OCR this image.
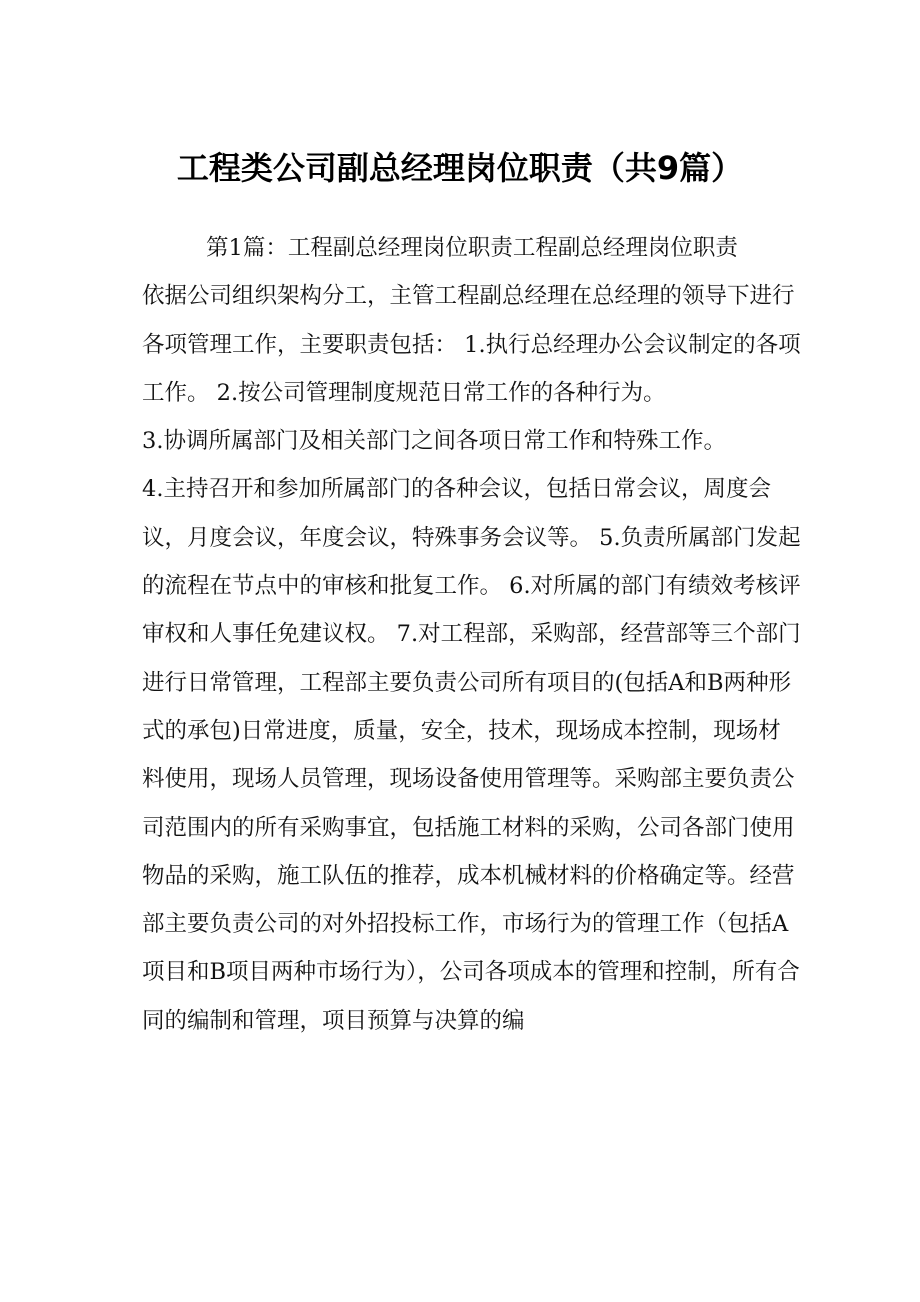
工程类公司副总经理岗位职责（共9篇）

第1篇：工程副总经理岗位职责工程副总经理岗位职责

依据公司组织架构分工，主管工程副总经理在总经理的领导下进行各项管理工作，主要职责包括： 1.执行总经理办公会议制定的各项工作。 2.按公司管理制度规范日常工作的各种行为。

3.协调所属部门及相关部门之间各项日常工作和特殊工作。

4.主持召开和参加所属部门的各种会议，包括日常会议，周度会议，月度会议，年度会议，特殊事务会议等。 5.负责所属部门发起的流程在节点中的审核和批复工作。 6.对所属的部门有绩效考核评审权和人事任免建议权。 7.对工程部，采购部，经营部等三个部门进行日常管理，工程部主要负责公司所有项目的(包括A和B两种形式的承包)日常进度，质量，安全，技术，现场成本控制，现场材料使用，现场人员管理，现场设备使用管理等。采购部主要负责公司范围内的所有采购事宜，包括施工材料的采购，公司各部门使用物品的采购，施工队伍的推荐，成本机械材料的价格确定等。经营部主要负责公司的对外招投标工作，市场行为的管理工作（包括A项目和B项目两种市场行为），公司各项成本的管理和控制，所有合同的编制和管理，项目预算与决算的编
